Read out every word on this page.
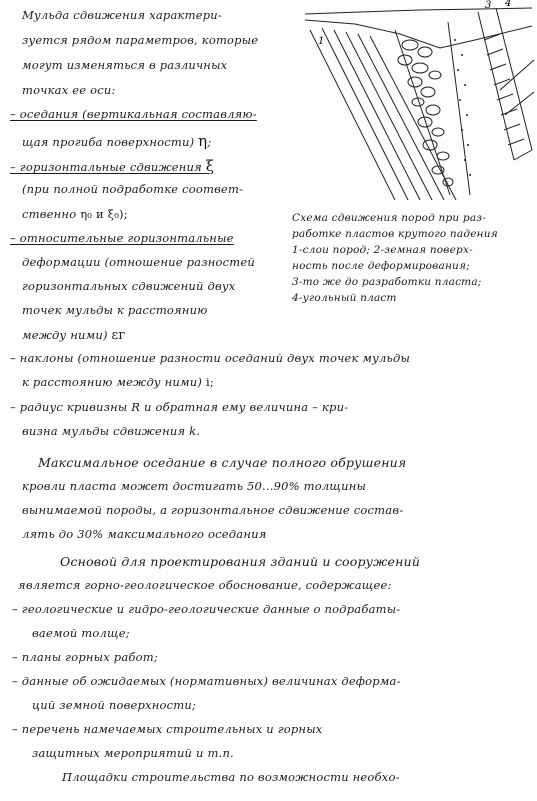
3 4
1
Схема сдвижения пород при раз-
работке пластов крутого падения
1-слои пород; 2-земная поверх-
ность после деформирования;
3-то же до разработки пласта;
4-угольный пласт
Мульда сдвижения характери-
зуется рядом параметров, которые
могут изменяться в различных
точках ее оси:
– оседания (вертикальная составляю-
щая прогиба поверхности) η;
– горизонтальные сдвижения ξ
(при полной подработке соответ-
ственно η₀ и ξ₀);
– относительные горизонтальные
деформации (отношение разностей
горизонтальных сдвижений двух
точек мульды к расстоянию
между ними) εг
– наклоны (отношение разности оседаний двух точек мульды
к расстоянию между ними) i;
– радиус кривизны R и обратная ему величина – кри-
визна мульды сдвижения k.
Максимальное оседание в случае полного обрушения
кровли пласта может достигать 50...90% толщины
вынимаемой породы, а горизонтальное сдвижение состав-
лять до 30% максимального оседания
Основой для проектирования зданий и сооружений
является горно-геологическое обоснование, содержащее:
– геологические и гидро-геологические данные о подрабаты-
ваемой толще;
– планы горных работ;
– данные об ожидаемых (нормативных) величинах деформа-
ций земной поверхности;
– перечень намечаемых строительных и горных
защитных мероприятий и т.п.
Площадки строительства по возможности необхо-
